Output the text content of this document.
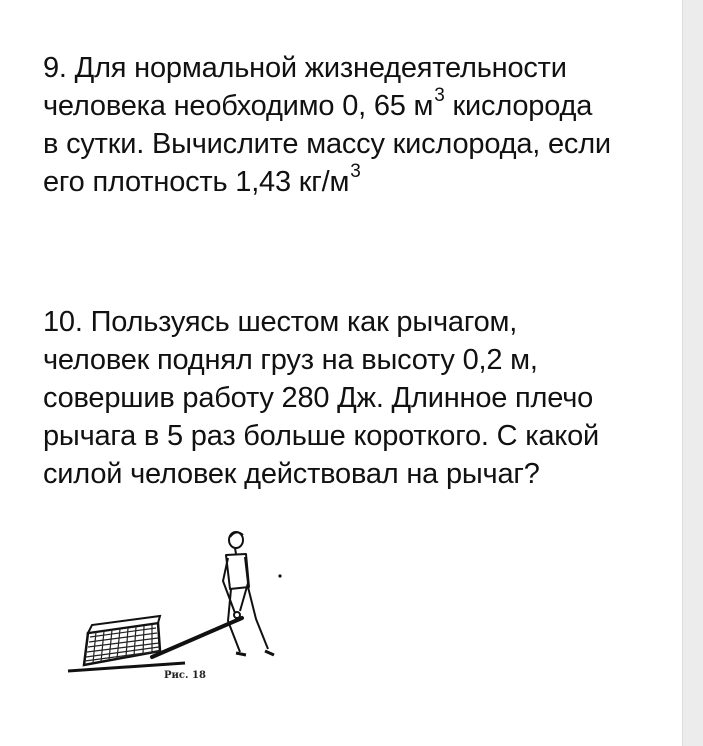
9. Для нормальной жизнедеятельности
человека необходимо 0, 65 $м^3$ кислорода
в сутки. Вычислите массу кислорода, если
его плотность 1,43 $кг/м^3$
10. Пользуясь шестом как рычагом,
человек поднял груз на высоту 0,2 м,
совершив работу 280 Дж. Длинное плечо
рычага в 5 раз больше короткого. С какой
силой человек действовал на рычаг?
Рис. 18
